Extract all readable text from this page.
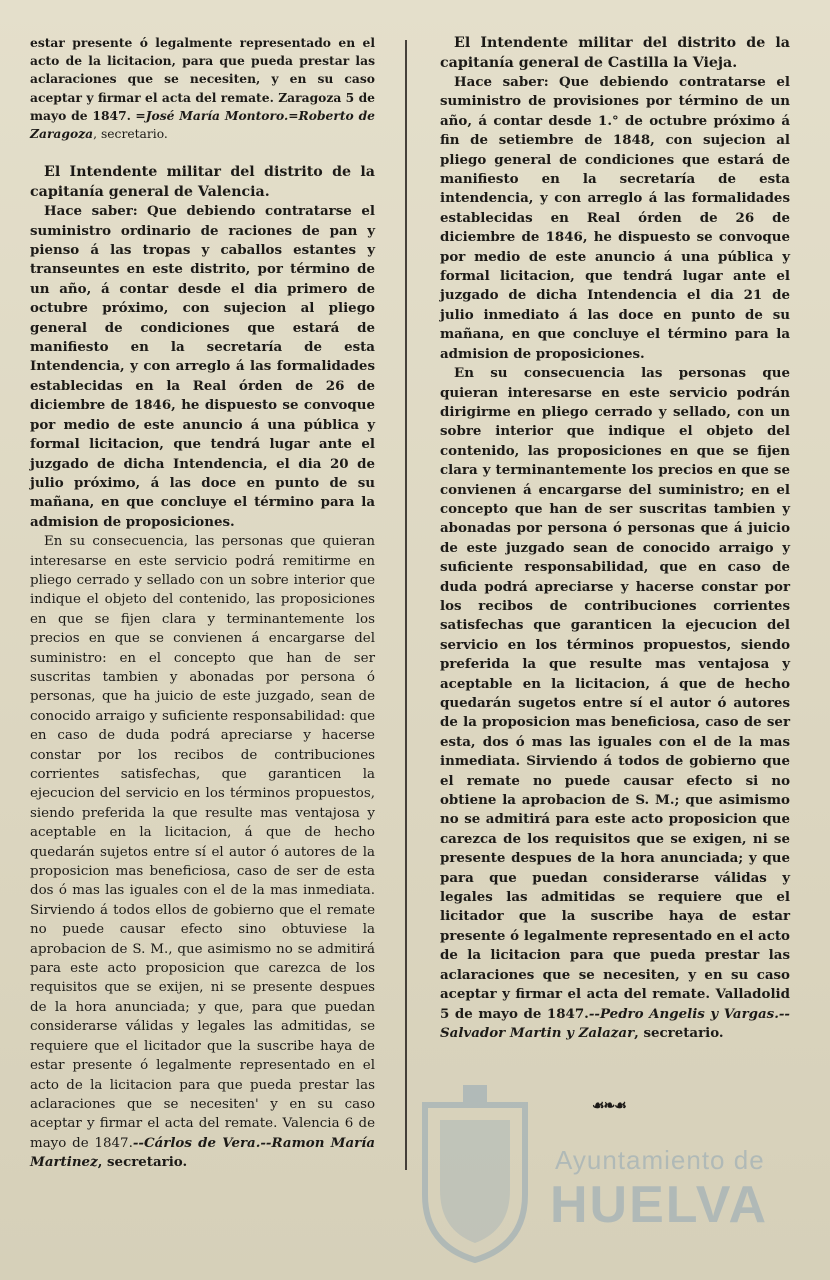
estar presente ó legalmente representado en el acto de la licitacion, para que pueda prestar las aclaraciones que se necesiten, y en su caso aceptar y firmar el acta del remate. Zaragoza 5 de mayo de 1847. =José María Montoro.=Roberto de Zaragoza, secretario.

El Intendente militar del distrito de la capitanía general de Valencia.

Hace saber: Que debiendo contratarse el suministro ordinario de raciones de pan y pienso á las tropas y caballos estantes y transeuntes en este distrito, por término de un año, á contar desde el dia primero de octubre próximo, con sujecion al pliego general de condiciones que estará de manifiesto en la secretaría de esta Intendencia, y con arreglo á las formalidades establecidas en la Real órden de 26 de diciembre de 1846, he dispuesto se convoque por medio de este anuncio á una pública y formal licitacion, que tendrá lugar ante el juzgado de dicha Intendencia, el dia 20 de julio próximo, á las doce en punto de su mañana, en que concluye el término para la admision de proposiciones.

En su consecuencia, las personas que quieran interesarse en este servicio podrá remitirme en pliego cerrado y sellado con un sobre interior que indique el objeto del contenido, las proposiciones en que se fijen clara y terminantemente los precios en que se convienen á encargarse del suministro: en el concepto que han de ser suscritas tambien y abonadas por persona ó personas, que ha juicio de este juzgado, sean de conocido arraigo y suficiente responsabilidad: que en caso de duda podrá apreciarse y hacerse constar por los recibos de contribuciones corrientes satisfechas, que garanticen la ejecucion del servicio en los términos propuestos, siendo preferida la que resulte mas ventajosa y aceptable en la licitacion, á que de hecho quedarán sujetos entre sí el autor ó autores de la proposicion mas beneficiosa, caso de ser de esta dos ó mas las iguales con el de la mas inmediata. Sirviendo á todos ellos de gobierno que el remate no puede causar efecto sino obtuviese la aprobacion de S. M., que asimismo no se admitirá para este acto proposicion que carezca de los requisitos que se exijen, ni se presente despues de la hora anunciada; y que, para que puedan considerarse válidas y legales las admitidas, se requiere que el licitador que la suscribe haya de estar presente ó legalmente representado en el acto de la licitacion para que pueda prestar las aclaraciones que se necesiten' y en su caso aceptar y firmar el acta del remate. Valencia 6 de mayo de 1847.--Cárlos de Vera.--Ramon María Martinez, secretario.

El Intendente militar del distrito de la capitanía general de Castilla la Vieja.

Hace saber: Que debiendo contratarse el suministro de provisiones por término de un año, á contar desde 1.° de octubre próximo á fin de setiembre de 1848, con sujecion al pliego general de condiciones que estará de manifiesto en la secretaría de esta intendencia, y con arreglo á las formalidades establecidas en Real órden de 26 de diciembre de 1846, he dispuesto se convoque por medio de este anuncio á una pública y formal licitacion, que tendrá lugar ante el juzgado de dicha Intendencia el dia 21 de julio inmediato á las doce en punto de su mañana, en que concluye el término para la admision de proposiciones.

En su consecuencia las personas que quieran interesarse en este servicio podrán dirigirme en pliego cerrado y sellado, con un sobre interior que indique el objeto del contenido, las proposiciones en que se fijen clara y terminantemente los precios en que se convienen á encargarse del suministro; en el concepto que han de ser suscritas tambien y abonadas por persona ó personas que á juicio de este juzgado sean de conocido arraigo y suficiente responsabilidad, que en caso de duda podrá apreciarse y hacerse constar por los recibos de contribuciones corrientes satisfechas que garanticen la ejecucion del servicio en los términos propuestos, siendo preferida la que resulte mas ventajosa y aceptable en la licitacion, á que de hecho quedarán sugetos entre sí el autor ó autores de la proposicion mas beneficiosa, caso de ser esta, dos ó mas las iguales con el de la mas inmediata. Sirviendo á todos de gobierno que el remate no puede causar efecto si no obtiene la aprobacion de S. M.; que asimismo no se admitirá para este acto proposicion que carezca de los requisitos que se exigen, ni se presente despues de la hora anunciada; y que para que puedan considerarse válidas y legales las admitidas se requiere que el licitador que la suscribe haya de estar presente ó legalmente representado en el acto de la licitacion para que pueda prestar las aclaraciones que se necesiten, y en su caso aceptar y firmar el acta del remate. Valladolid 5 de mayo de 1847.--Pedro Angelis y Vargas.--Salvador Martin y Zalazar, secretario.

☙❧☙
Ayuntamiento de
HUELVA
